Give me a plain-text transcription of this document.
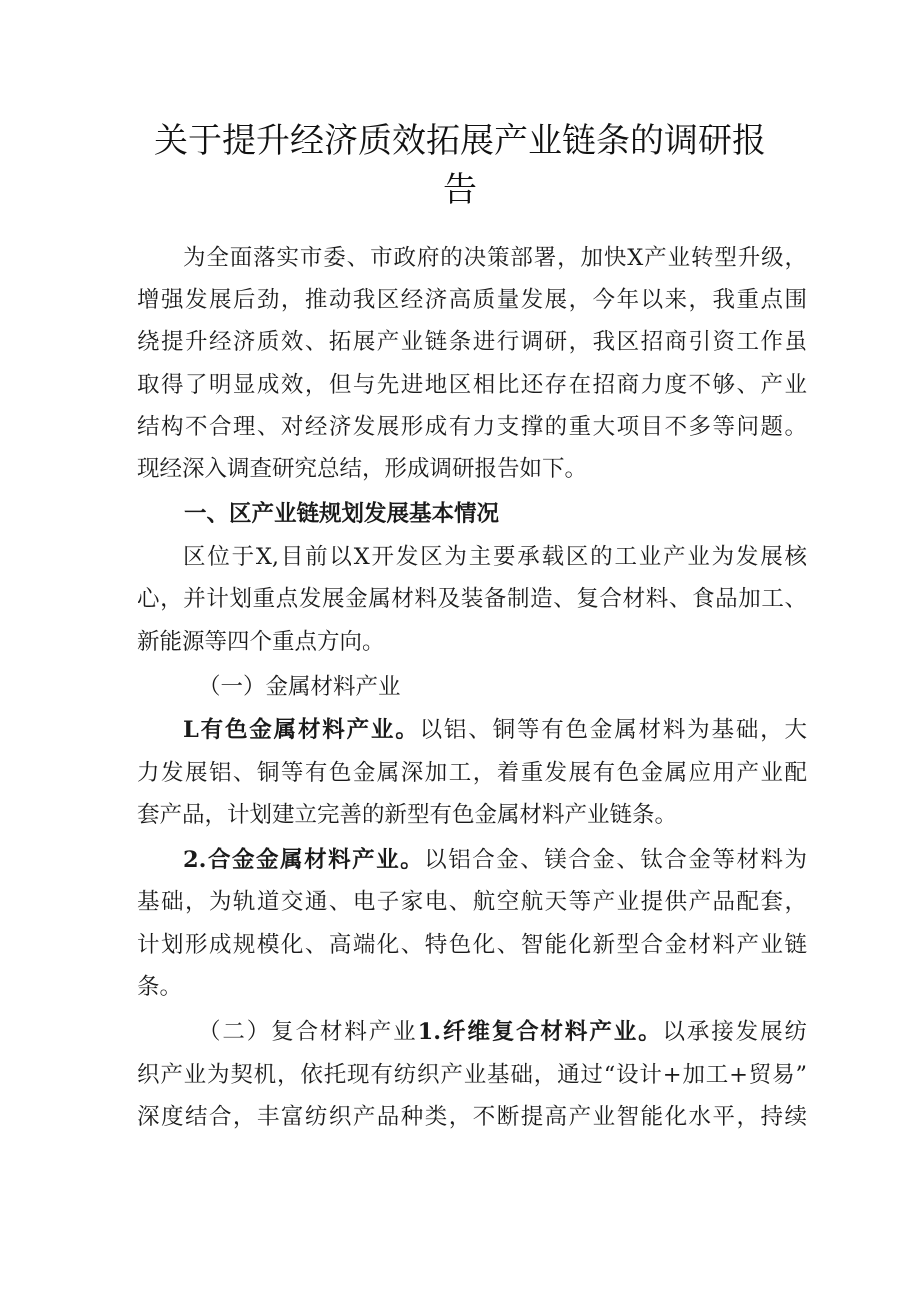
关于提升经济质效拓展产业链条的调研报
告

为全面落实市委、市政府的决策部署，加快X产业转型升级，

增强发展后劲，推动我区经济高质量发展，今年以来，我重点围

绕提升经济质效、拓展产业链条进行调研，我区招商引资工作虽

取得了明显成效，但与先进地区相比还存在招商力度不够、产业

结构不合理、对经济发展形成有力支撑的重大项目不多等问题。

现经深入调查研究总结，形成调研报告如下。

一、区产业链规划发展基本情况

区位于X,目前以X开发区为主要承载区的工业产业为发展核

心，并计划重点发展金属材料及装备制造、复合材料、食品加工、

新能源等四个重点方向。

（一）金属材料产业

L有色金属材料产业。以铝、铜等有色金属材料为基础，大

力发展铝、铜等有色金属深加工，着重发展有色金属应用产业配

套产品，计划建立完善的新型有色金属材料产业链条。

2.合金金属材料产业。以铝合金、镁合金、钛合金等材料为

基础，为轨道交通、电子家电、航空航天等产业提供产品配套，

计划形成规模化、高端化、特色化、智能化新型合金材料产业链

条。

（二）复合材料产业1.纤维复合材料产业。以承接发展纺

织产业为契机，依托现有纺织产业基础，通过“设计+加工+贸易”

深度结合，丰富纺织产品种类，不断提高产业智能化水平，持续
